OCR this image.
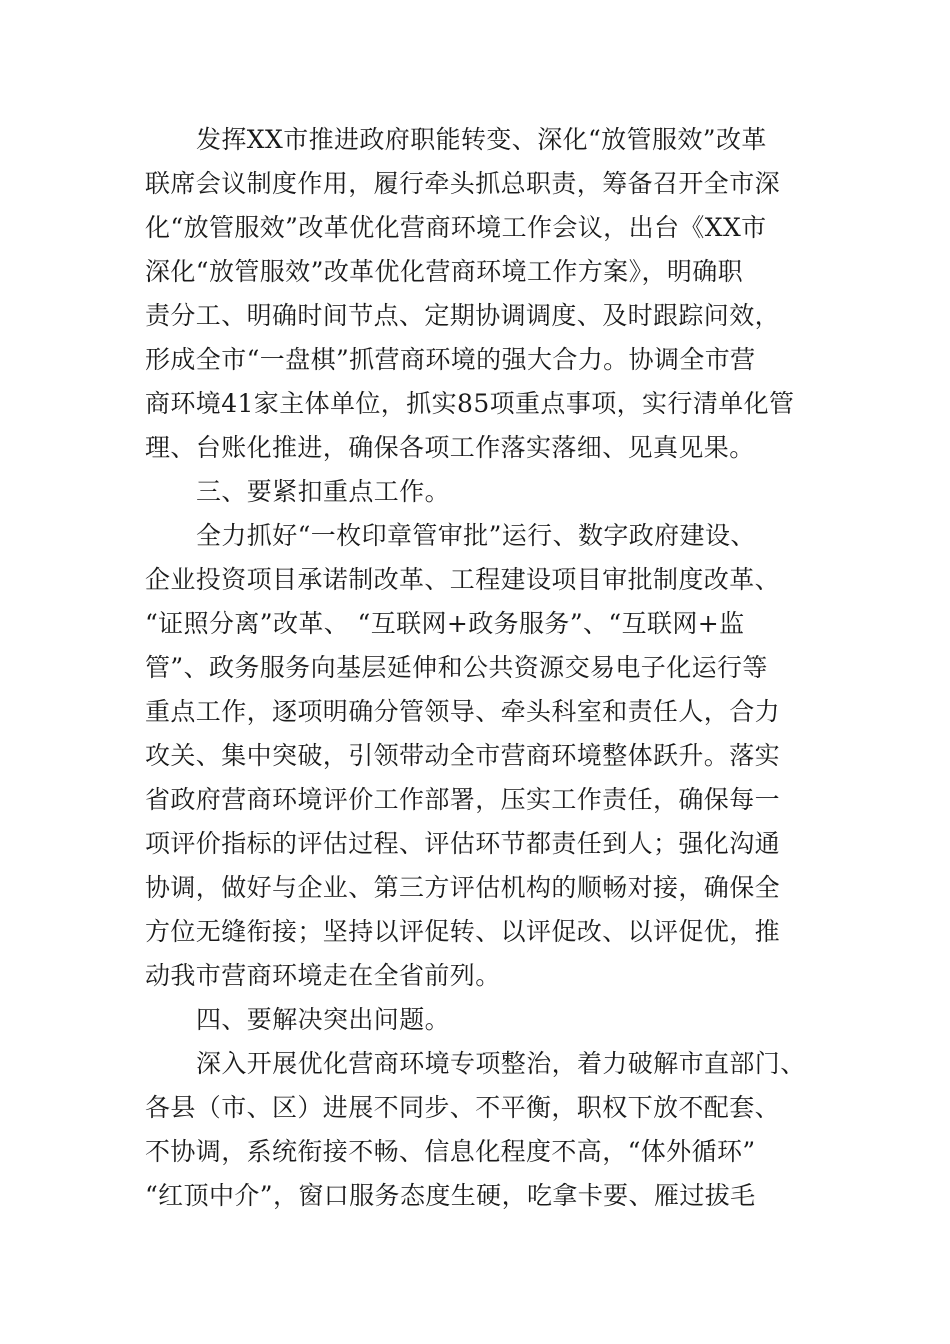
发挥XX市推进政府职能转变、深化“放管服效”改革
联席会议制度作用，履行牵头抓总职责，筹备召开全市深
化“放管服效”改革优化营商环境工作会议，出台《XX市
深化“放管服效”改革优化营商环境工作方案》，明确职
责分工、明确时间节点、定期协调调度、及时跟踪问效，
形成全市“一盘棋”抓营商环境的强大合力。协调全市营
商环境41家主体单位，抓实85项重点事项，实行清单化管
理、台账化推进，确保各项工作落实落细、见真见果。
三、要紧扣重点工作。
全力抓好“一枚印章管审批”运行、数字政府建设、
企业投资项目承诺制改革、工程建设项目审批制度改革、
“证照分离”改革、 “互联网+政务服务”、“互联网+监
管”、政务服务向基层延伸和公共资源交易电子化运行等
重点工作，逐项明确分管领导、牵头科室和责任人，合力
攻关、集中突破，引领带动全市营商环境整体跃升。落实
省政府营商环境评价工作部署，压实工作责任，确保每一
项评价指标的评估过程、评估环节都责任到人；强化沟通
协调，做好与企业、第三方评估机构的顺畅对接，确保全
方位无缝衔接；坚持以评促转、以评促改、以评促优，推
动我市营商环境走在全省前列。
四、要解决突出问题。
深入开展优化营商环境专项整治，着力破解市直部门、
各县（市、区）进展不同步、不平衡，职权下放不配套、
不协调，系统衔接不畅、信息化程度不高，“体外循环”
“红顶中介”，窗口服务态度生硬，吃拿卡要、雁过拔毛
